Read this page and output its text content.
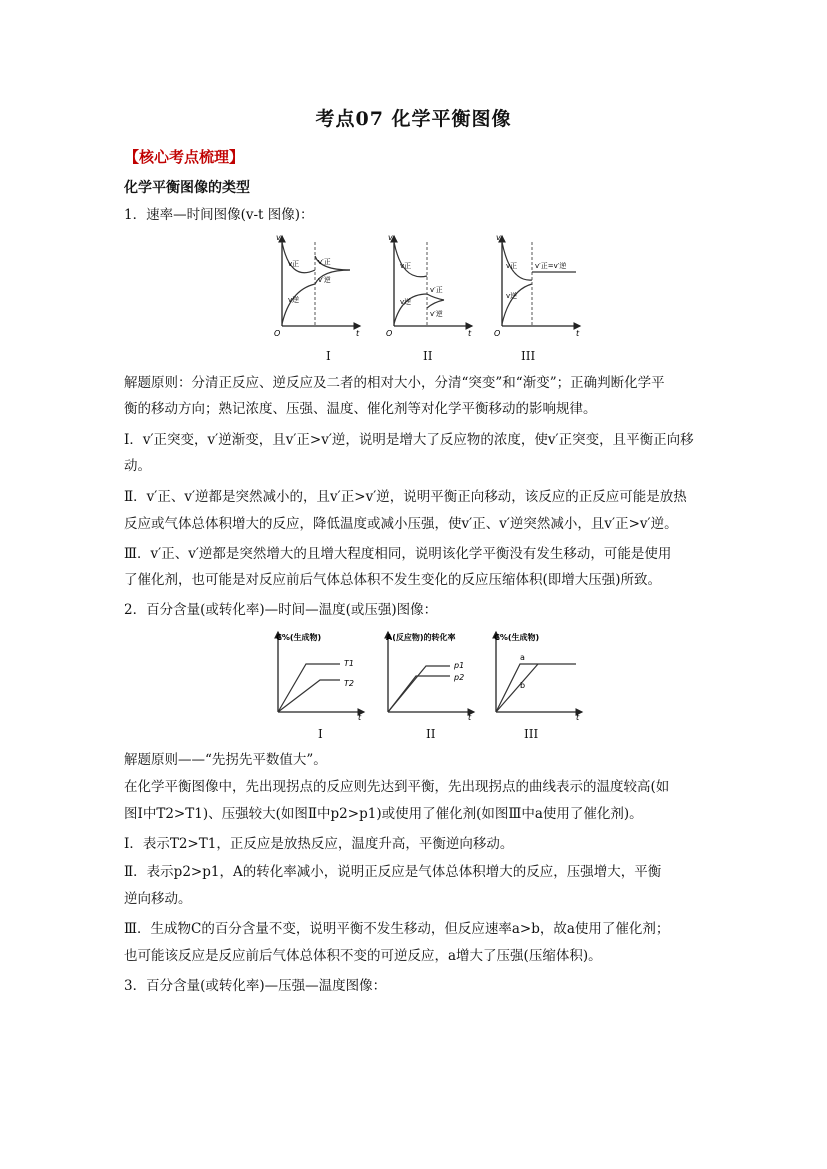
考点07 化学平衡图像
【核心考点梳理】
化学平衡图像的类型
1．速率—时间图像(v-t 图像)：
v
t
O
v正
v逆
v′正
v′逆
v
t
O
v正
v逆
v′正
v′逆
v
t
O
v正
v逆
v′正=v′逆
I	II	III
解题原则：分清正反应、逆反应及二者的相对大小，分清“突变”和“渐变”；正确判断化学平
衡的移动方向；熟记浓度、压强、温度、催化剂等对化学平衡移动的影响规律。
Ⅰ．v′正突变，v′逆渐变，且v′正>v′逆，说明是增大了反应物的浓度，使v′正突变，且平衡正向移
动。
Ⅱ．v′正、v′逆都是突然减小的，且v′正>v′逆，说明平衡正向移动，该反应的正反应可能是放热
反应或气体总体积增大的反应，降低温度或减小压强，使v′正、v′逆突然减小，且v′正>v′逆。
Ⅲ．v′正、v′逆都是突然增大的且增大程度相同，说明该化学平衡没有发生移动，可能是使用
了催化剂，也可能是对反应前后气体总体积不发生变化的反应压缩体积(即增大压强)所致。
2．百分含量(或转化率)—时间—温度(或压强)图像：
C%(生成物)
t
T1
T2
A(反应物)的转化率
t
p1
p2
C%(生成物)
t
a
b
I	II	III
解题原则——“先拐先平数值大”。
在化学平衡图像中，先出现拐点的反应则先达到平衡，先出现拐点的曲线表示的温度较高(如
图Ⅰ中T2>T1)、压强较大(如图Ⅱ中p2>p1)或使用了催化剂(如图Ⅲ中a使用了催化剂)。
Ⅰ．表示T2>T1，正反应是放热反应，温度升高，平衡逆向移动。
Ⅱ．表示p2>p1，A的转化率减小，说明正反应是气体总体积增大的反应，压强增大，平衡
逆向移动。
Ⅲ．生成物C的百分含量不变，说明平衡不发生移动，但反应速率a>b，故a使用了催化剂；
也可能该反应是反应前后气体总体积不变的可逆反应，a增大了压强(压缩体积)。
3．百分含量(或转化率)—压强—温度图像：
